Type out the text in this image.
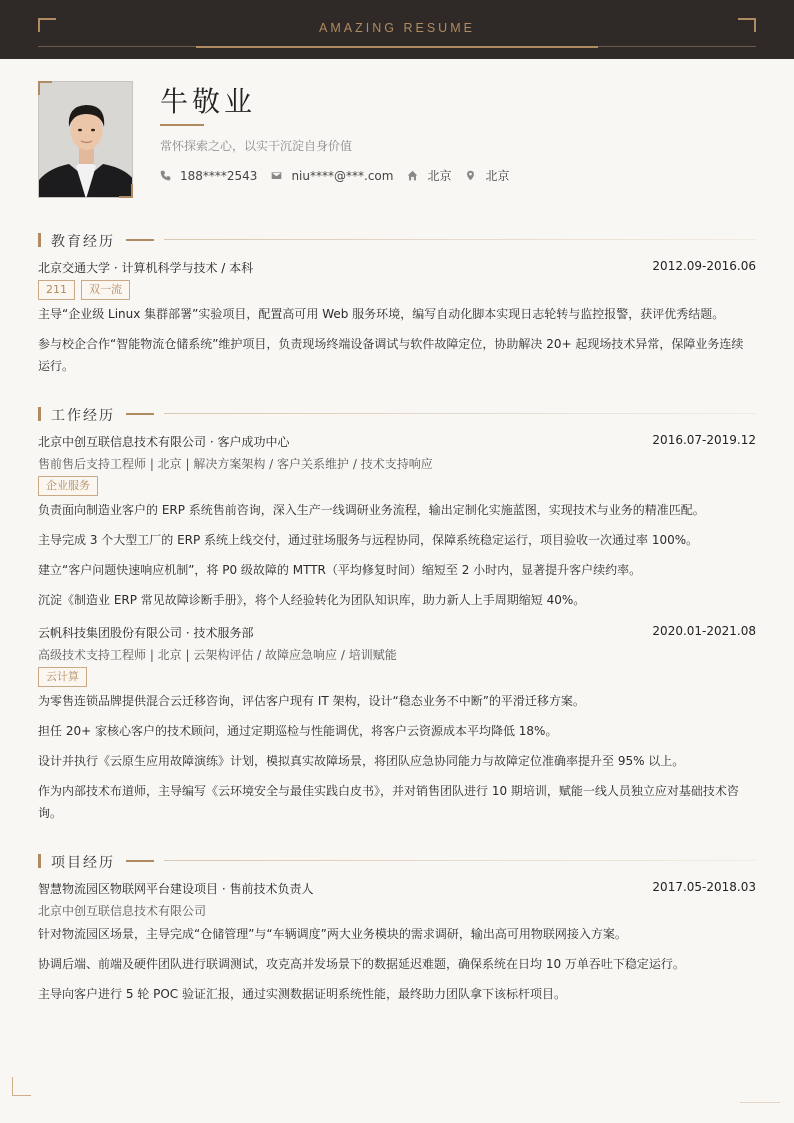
AMAZING RESUME
牛敬业
常怀探索之心，以实干沉淀自身价值
188****2543	niu****@***.com	北京	北京
教育经历
北京交通大学 · 计算机科学与技术 / 本科	2012.09-2016.06
211	双一流
主导“企业级 Linux 集群部署”实验项目，配置高可用 Web 服务环境，编写自动化脚本实现日志轮转与监控报警，获评优秀结题。
参与校企合作“智能物流仓储系统”维护项目，负责现场终端设备调试与软件故障定位，协助解决 20+ 起现场技术异常，保障业务连续运行。
工作经历
北京中创互联信息技术有限公司 · 客户成功中心	2016.07-2019.12
售前售后支持工程师 | 北京 | 解决方案架构 / 客户关系维护 / 技术支持响应
企业服务
负责面向制造业客户的 ERP 系统售前咨询，深入生产一线调研业务流程，输出定制化实施蓝图，实现技术与业务的精准匹配。
主导完成 3 个大型工厂的 ERP 系统上线交付，通过驻场服务与远程协同，保障系统稳定运行，项目验收一次通过率 100%。
建立“客户问题快速响应机制”，将 P0 级故障的 MTTR（平均修复时间）缩短至 2 小时内，显著提升客户续约率。
沉淀《制造业 ERP 常见故障诊断手册》，将个人经验转化为团队知识库，助力新人上手周期缩短 40%。
云帆科技集团股份有限公司 · 技术服务部	2020.01-2021.08
高级技术支持工程师 | 北京 | 云架构评估 / 故障应急响应 / 培训赋能
云计算
为零售连锁品牌提供混合云迁移咨询，评估客户现有 IT 架构，设计“稳态业务不中断”的平滑迁移方案。
担任 20+ 家核心客户的技术顾问，通过定期巡检与性能调优，将客户云资源成本平均降低 18%。
设计并执行《云原生应用故障演练》计划，模拟真实故障场景，将团队应急协同能力与故障定位准确率提升至 95% 以上。
作为内部技术布道师，主导编写《云环境安全与最佳实践白皮书》，并对销售团队进行 10 期培训，赋能一线人员独立应对基础技术咨询。
项目经历
智慧物流园区物联网平台建设项目 · 售前技术负责人	2017.05-2018.03
北京中创互联信息技术有限公司
针对物流园区场景，主导完成“仓储管理”与“车辆调度”两大业务模块的需求调研，输出高可用物联网接入方案。
协调后端、前端及硬件团队进行联调测试，攻克高并发场景下的数据延迟难题，确保系统在日均 10 万单吞吐下稳定运行。
主导向客户进行 5 轮 POC 验证汇报，通过实测数据证明系统性能，最终助力团队拿下该标杆项目。
